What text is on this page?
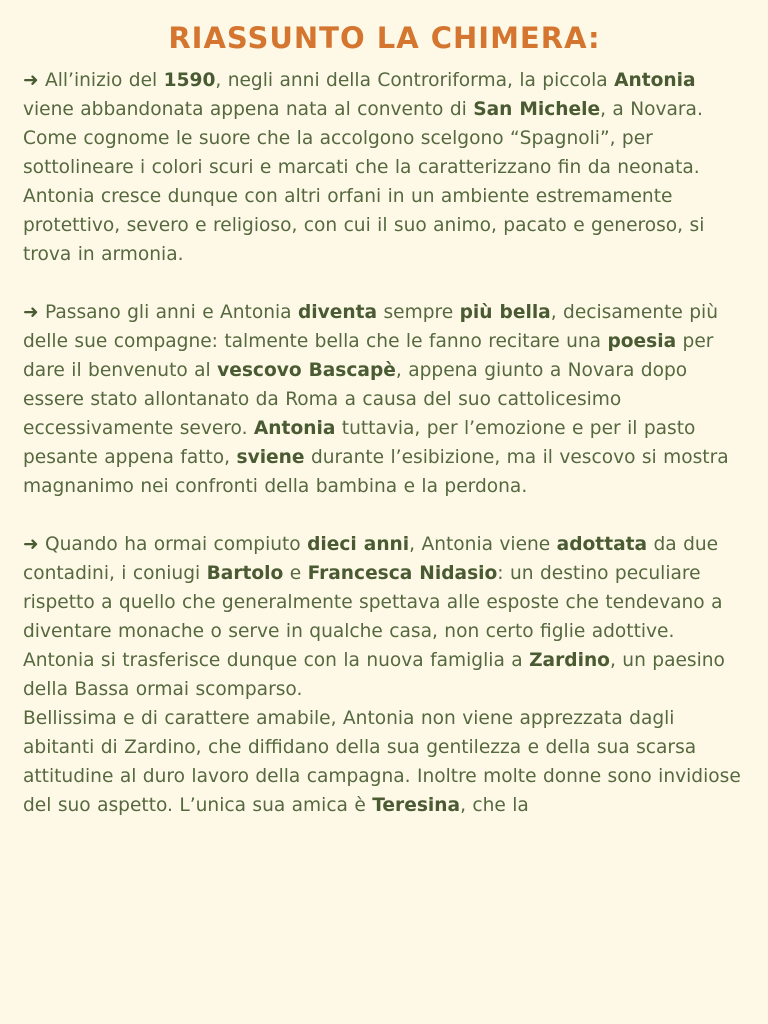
RIASSUNTO LA CHIMERA:

➜ All’inizio del 1590, negli anni della Controriforma, la piccola Antonia viene abbandonata appena nata al convento di San Michele, a Novara. Come cognome le suore che la accolgono scelgono “Spagnoli”, per sottolineare i colori scuri e marcati che la caratterizzano fin da neonata. Antonia cresce dunque con altri orfani in un ambiente estremamente protettivo, severo e religioso, con cui il suo animo, pacato e generoso, si trova in armonia.

➜ Passano gli anni e Antonia diventa sempre più bella, decisamente più delle sue compagne: talmente bella che le fanno recitare una poesia per dare il benvenuto al vescovo Bascapè, appena giunto a Novara dopo essere stato allontanato da Roma a causa del suo cattolicesimo eccessivamente severo. Antonia tuttavia, per l’emozione e per il pasto pesante appena fatto, sviene durante l’esibizione, ma il vescovo si mostra magnanimo nei confronti della bambina e la perdona.

➜ Quando ha ormai compiuto dieci anni, Antonia viene adottata da due contadini, i coniugi Bartolo e Francesca Nidasio: un destino peculiare rispetto a quello che generalmente spettava alle esposte che tendevano a diventare monache o serve in qualche casa, non certo figlie adottive. Antonia si trasferisce dunque con la nuova famiglia a Zardino, un paesino della Bassa ormai scomparso.

Bellissima e di carattere amabile, Antonia non viene apprezzata dagli abitanti di Zardino, che diffidano della sua gentilezza e della sua scarsa attitudine al duro lavoro della campagna. Inoltre molte donne sono invidiose del suo aspetto. L’unica sua amica è Teresina, che la
